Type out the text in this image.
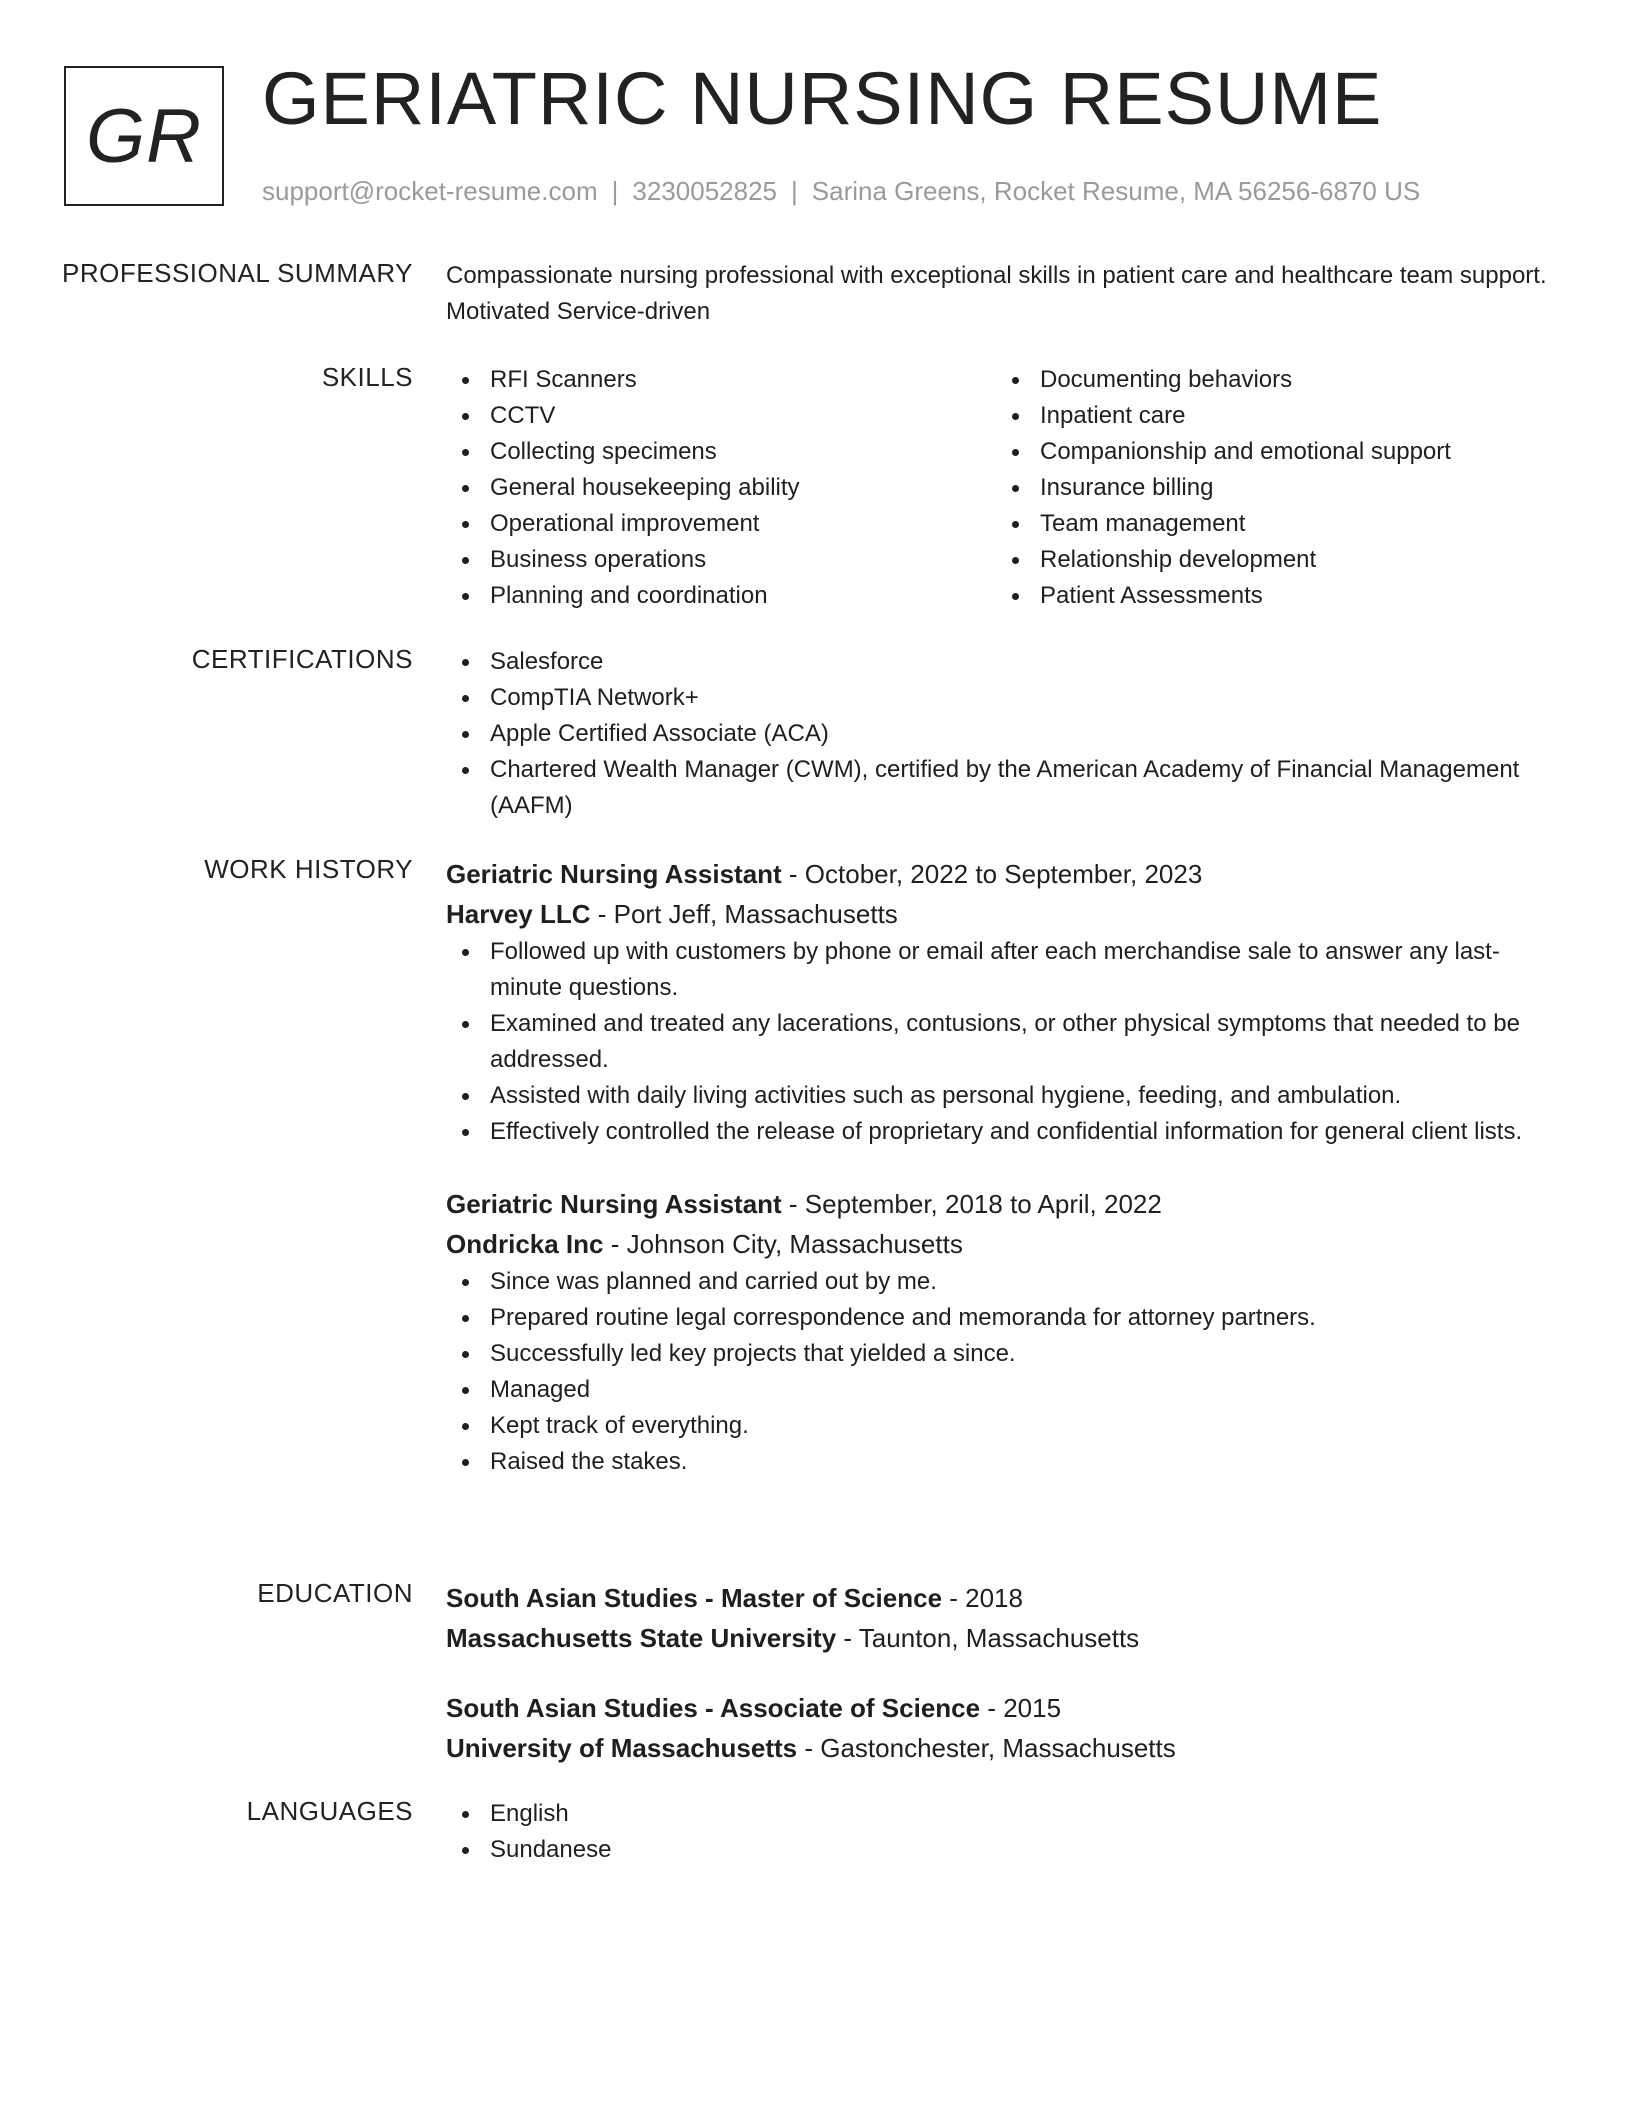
GR GERIATRIC NURSING RESUME
support@rocket-resume.com | 3230052825 | Sarina Greens, Rocket Resume, MA 56256-6870 US
PROFESSIONAL SUMMARY Compassionate nursing professional with exceptional skills in patient care and healthcare team support. Motivated Service-driven
SKILLS	RFI Scanners
CCTV
Collecting specimens
General housekeeping ability
Operational improvement
Business operations
Planning and coordination
Documenting behaviors
Inpatient care
Companionship and emotional support
Insurance billing
Team management
Relationship development
Patient Assessments
CERTIFICATIONS	Salesforce
CompTIA Network+
Apple Certified Associate (ACA)
Chartered Wealth Manager (CWM), certified by the American Academy of Financial Management (AAFM)
WORK HISTORY Geriatric Nursing Assistant - October, 2022 to September, 2023
Harvey LLC - Port Jeff, Massachusetts
Followed up with customers by phone or email after each merchandise sale to answer any last-minute questions.
Examined and treated any lacerations, contusions, or other physical symptoms that needed to be addressed.
Assisted with daily living activities such as personal hygiene, feeding, and ambulation.
Effectively controlled the release of proprietary and confidential information for general client lists.
Geriatric Nursing Assistant - September, 2018 to April, 2022
Ondricka Inc - Johnson City, Massachusetts
Since was planned and carried out by me.
Prepared routine legal correspondence and memoranda for attorney partners.
Successfully led key projects that yielded a since.
Managed
Kept track of everything.
Raised the stakes.
EDUCATION South Asian Studies - Master of Science - 2018
Massachusetts State University - Taunton, Massachusetts
South Asian Studies - Associate of Science - 2015
University of Massachusetts - Gastonchester, Massachusetts
LANGUAGES	English
Sundanese
